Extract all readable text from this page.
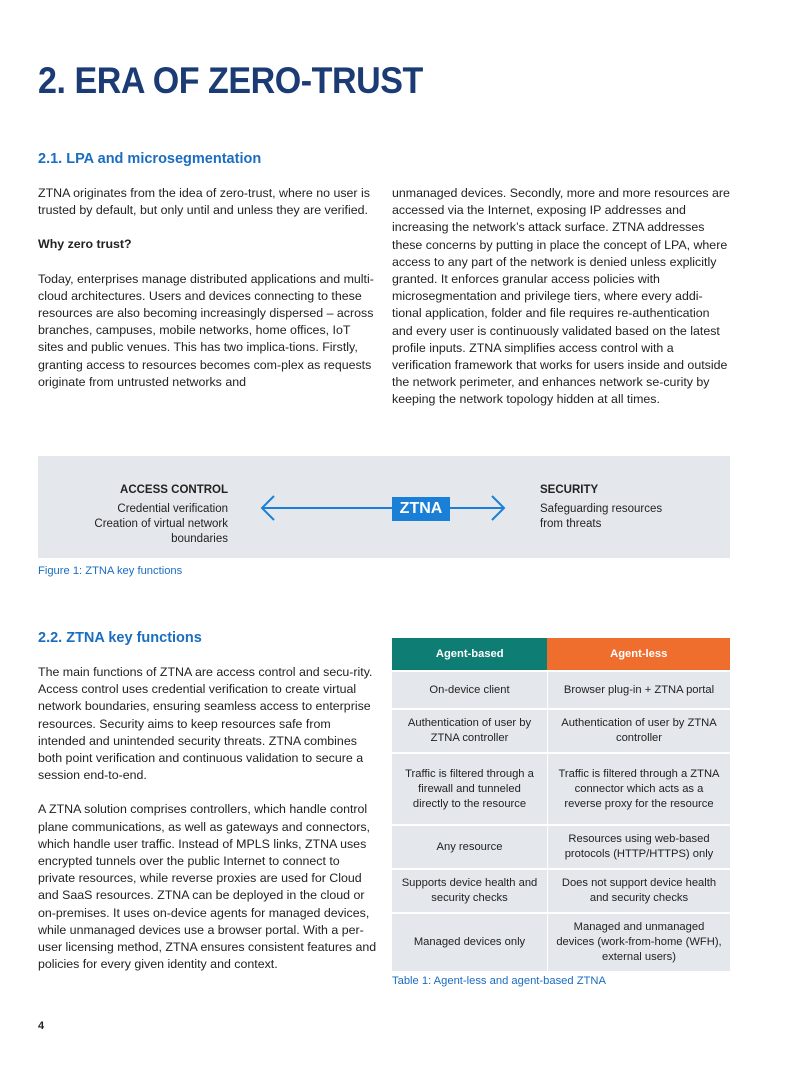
2. ERA OF ZERO-TRUST
2.1. LPA and microsegmentation

ZTNA originates from the idea of zero-trust, where no user is trusted by default, but only until and unless they are verified.

Why zero trust?

Today, enterprises manage distributed applications and multi-cloud architectures. Users and devices connecting to these resources are also becoming increasingly dispersed – across branches, campuses, mobile networks, home offices, IoT sites and public venues. This has two implica-tions. Firstly, granting access to resources becomes com-plex as requests originate from untrusted networks and

unmanaged devices. Secondly, more and more resources are accessed via the Internet, exposing IP addresses and increasing the network’s attack surface. ZTNA addresses these concerns by putting in place the concept of LPA, where access to any part of the network is denied unless explicitly granted. It enforces granular access policies with microsegmentation and privilege tiers, where every addi-tional application, folder and file requires re-authentication and every user is continuously validated based on the latest profile inputs. ZTNA simplifies access control with a verification framework that works for users inside and outside the network perimeter, and enhances network se-curity by keeping the network topology hidden at all times.

ACCESS CONTROL
Credential verification
Creation of virtual network boundaries
ZTNA
SECURITY
Safeguarding resources
from threats
Figure 1: ZTNA key functions
2.2. ZTNA key functions

The main functions of ZTNA are access control and secu-rity. Access control uses credential verification to create virtual network boundaries, ensuring seamless access to enterprise resources. Security aims to keep resources safe from intended and unintended security threats. ZTNA combines both point verification and continuous validation to secure a session end-to-end.

A ZTNA solution comprises controllers, which handle control plane communications, as well as gateways and connectors, which handle user traffic. Instead of MPLS links, ZTNA uses encrypted tunnels over the public Internet to connect to private resources, while reverse proxies are used for Cloud and SaaS resources. ZTNA can be deployed in the cloud or on-premises. It uses on-device agents for managed devices, while unmanaged devices use a browser portal. With a per-user licensing method, ZTNA ensures consistent features and policies for every given identity and context.

Agent-based	Agent-less
On-device client	Browser plug-in + ZTNA portal
Authentication of user by ZTNA controller	Authentication of user by ZTNA controller
Traffic is filtered through a firewall and tunneled directly to the resource	Traffic is filtered through a ZTNA connector which acts as a reverse proxy for the resource
Any resource	Resources using web-based protocols (HTTP/HTTPS) only
Supports device health and security checks	Does not support device health and security checks
Managed devices only	Managed and unmanaged devices (work-from-home (WFH), external users)
Table 1: Agent-less and agent-based ZTNA
4
